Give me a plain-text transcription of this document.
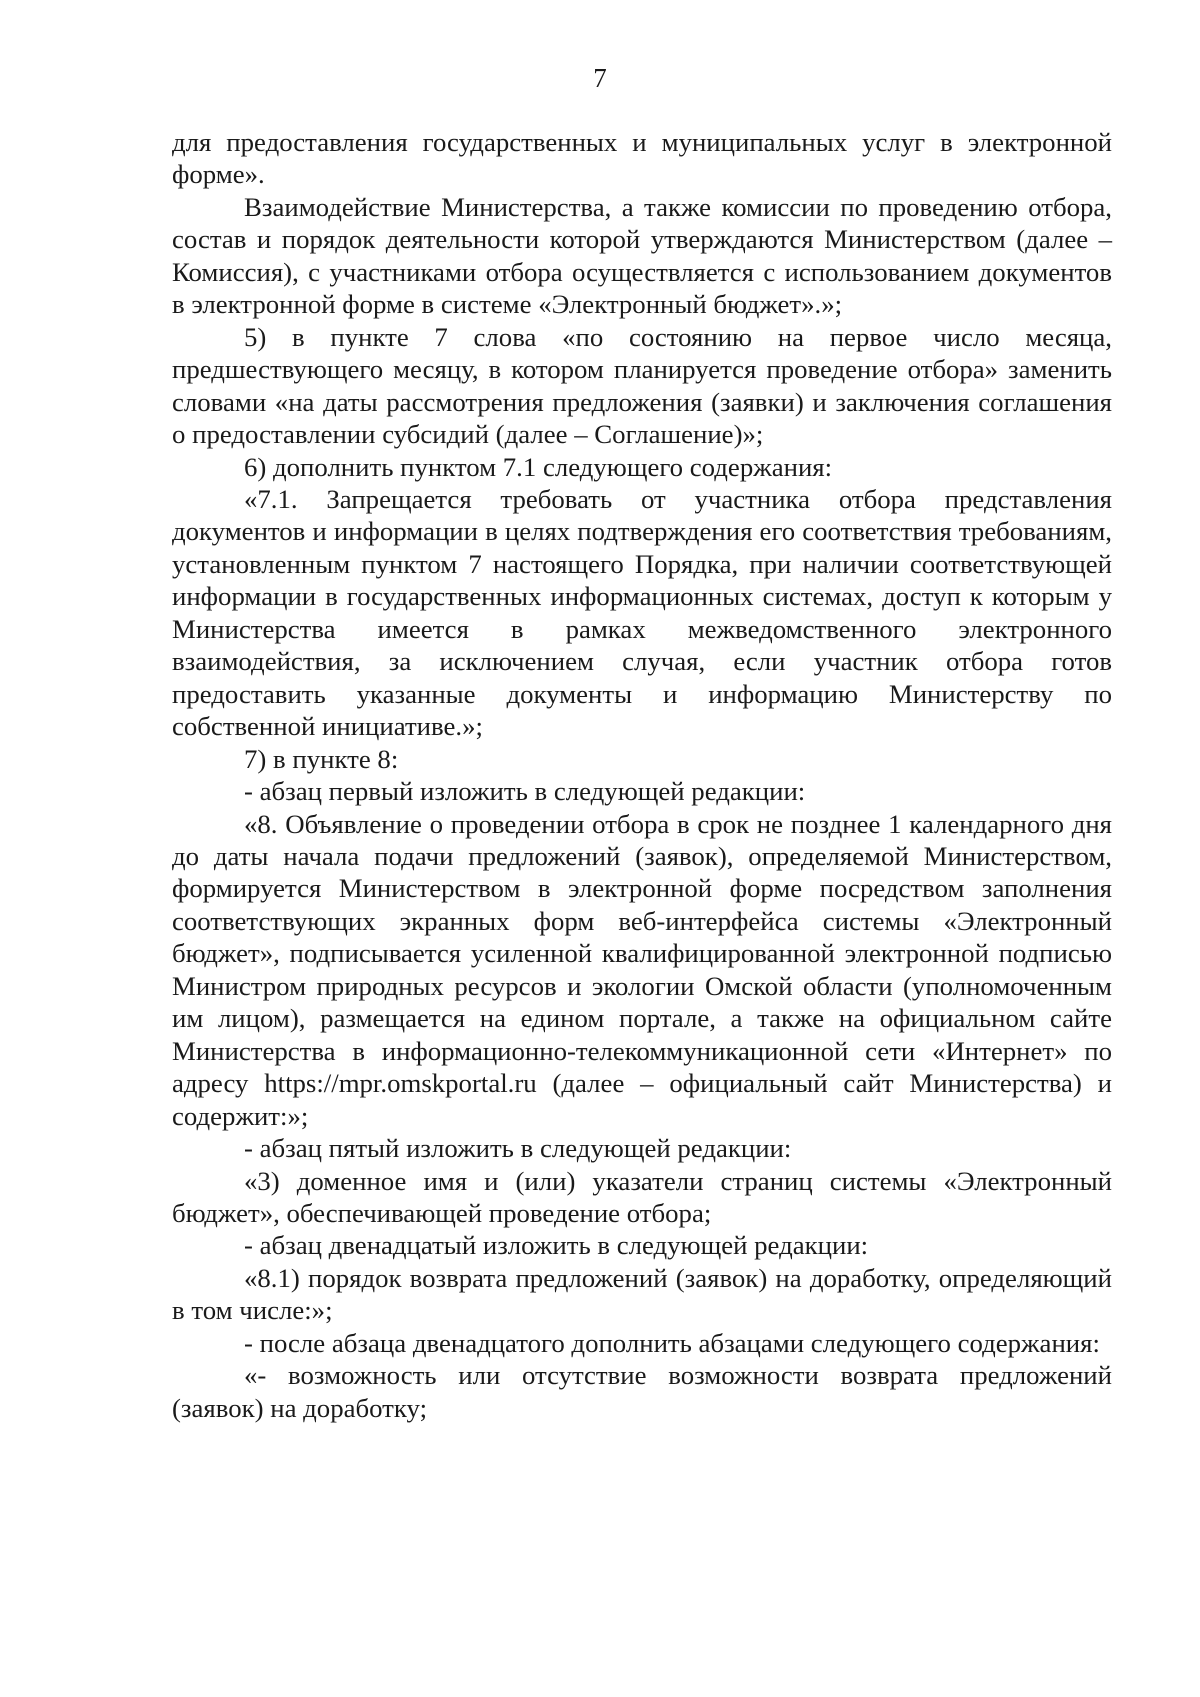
7

для предоставления государственных и муниципальных услуг в электронной форме».

Взаимодействие Министерства, а также комиссии по проведению отбора, состав и порядок деятельности которой утверждаются Министерством (далее – Комиссия), с участниками отбора осуществляется с использованием документов в электронной форме в системе «Электронный бюджет».»;

5) в пункте 7 слова «по состоянию на первое число месяца, предшествующего месяцу, в котором планируется проведение отбора» заменить словами «на даты рассмотрения предложения (заявки) и заключения соглашения о предоставлении субсидий (далее – Соглашение)»;

6) дополнить пунктом 7.1 следующего содержания:

«7.1. Запрещается требовать от участника отбора представления документов и информации в целях подтверждения его соответствия требованиям, установленным пунктом 7 настоящего Порядка, при наличии соответствующей информации в государственных информационных системах, доступ к которым у Министерства имеется в рамках межведомственного электронного взаимодействия, за исключением случая, если участник отбора готов предоставить указанные документы и информацию Министерству по собственной инициативе.»;

7) в пункте 8:

- абзац первый изложить в следующей редакции:

«8. Объявление о проведении отбора в срок не позднее 1 календарного дня до даты начала подачи предложений (заявок), определяемой Министерством, формируется Министерством в электронной форме посредством заполнения соответствующих экранных форм веб-интерфейса системы «Электронный бюджет», подписывается усиленной квалифицированной электронной подписью Министром природных ресурсов и экологии Омской области (уполномоченным им лицом), размещается на едином портале, а также на официальном сайте Министерства в информационно-телекоммуникационной сети «Интернет» по адресу https://mpr.omskportal.ru (далее – официальный сайт Министерства) и содержит:»;

- абзац пятый изложить в следующей редакции:

«3) доменное имя и (или) указатели страниц системы «Электронный бюджет», обеспечивающей проведение отбора;

- абзац двенадцатый изложить в следующей редакции:

«8.1) порядок возврата предложений (заявок) на доработку, определяющий в том числе:»;

- после абзаца двенадцатого дополнить абзацами следующего содержания:

«- возможность или отсутствие возможности возврата предложений (заявок) на доработку;
